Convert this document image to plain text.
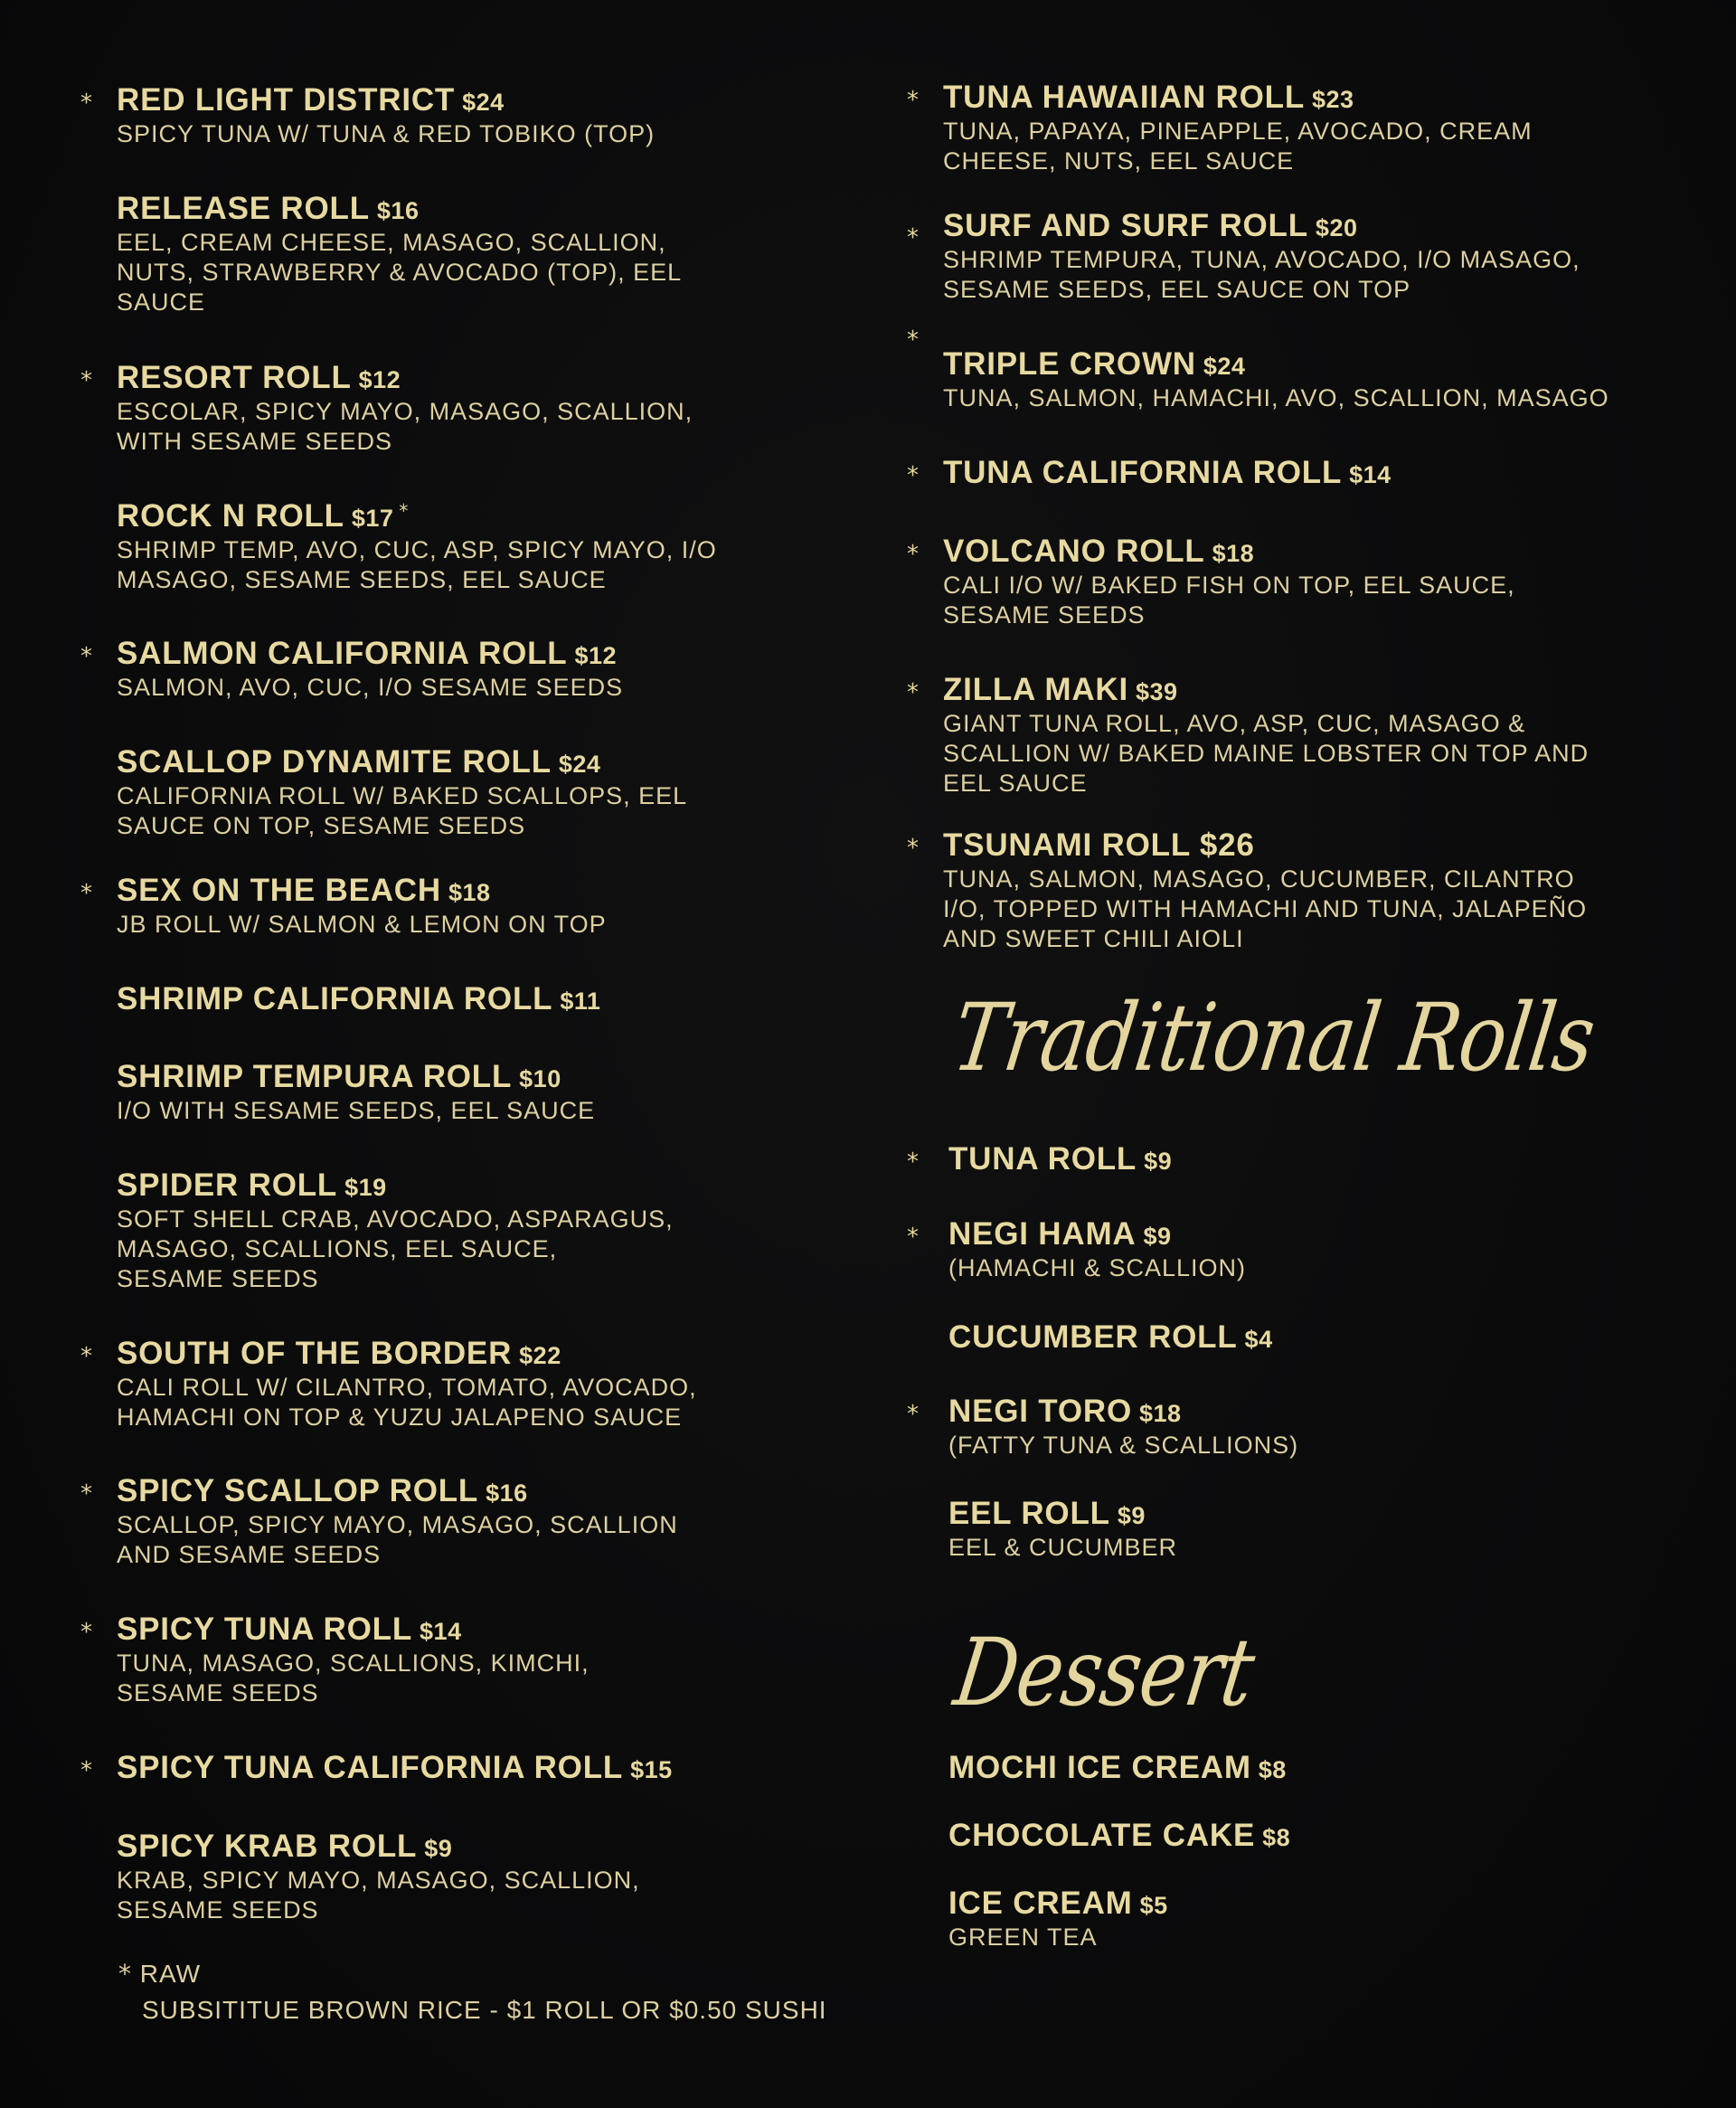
* RED LIGHT DISTRICT $24
SPICY TUNA W/ TUNA & RED TOBIKO (TOP)
RELEASE ROLL $16
EEL, CREAM CHEESE, MASAGO, SCALLION,
NUTS, STRAWBERRY & AVOCADO (TOP), EEL
SAUCE
* RESORT ROLL $12
ESCOLAR, SPICY MAYO, MASAGO, SCALLION,
WITH SESAME SEEDS
ROCK N ROLL $17 *
SHRIMP TEMP, AVO, CUC, ASP, SPICY MAYO, I/O
MASAGO, SESAME SEEDS, EEL SAUCE
* SALMON CALIFORNIA ROLL $12
SALMON, AVO, CUC, I/O SESAME SEEDS
SCALLOP DYNAMITE ROLL $24
CALIFORNIA ROLL W/ BAKED SCALLOPS, EEL
SAUCE ON TOP, SESAME SEEDS
* SEX ON THE BEACH $18
JB ROLL W/ SALMON & LEMON ON TOP
SHRIMP CALIFORNIA ROLL $11
SHRIMP TEMPURA ROLL $10
I/O WITH SESAME SEEDS, EEL SAUCE
SPIDER ROLL $19
SOFT SHELL CRAB, AVOCADO, ASPARAGUS,
MASAGO, SCALLIONS, EEL SAUCE,
SESAME SEEDS
* SOUTH OF THE BORDER $22
CALI ROLL W/ CILANTRO, TOMATO, AVOCADO,
HAMACHI ON TOP & YUZU JALAPENO SAUCE
* SPICY SCALLOP ROLL $16
SCALLOP, SPICY MAYO, MASAGO, SCALLION
AND SESAME SEEDS
* SPICY TUNA ROLL $14
TUNA, MASAGO, SCALLIONS, KIMCHI,
SESAME SEEDS
* SPICY TUNA CALIFORNIA ROLL $15
SPICY KRAB ROLL $9
KRAB, SPICY MAYO, MASAGO, SCALLION,
SESAME SEEDS
* RAW
SUBSITITUE BROWN RICE - $1 ROLL OR $0.50 SUSHI
* TUNA HAWAIIAN ROLL $23
TUNA, PAPAYA, PINEAPPLE, AVOCADO, CREAM
CHEESE, NUTS, EEL SAUCE
* SURF AND SURF ROLL $20
SHRIMP TEMPURA, TUNA, AVOCADO, I/O MASAGO,
SESAME SEEDS, EEL SAUCE ON TOP
*
TRIPLE CROWN $24
TUNA, SALMON, HAMACHI, AVO, SCALLION, MASAGO
* TUNA CALIFORNIA ROLL $14
* VOLCANO ROLL $18
CALI I/O W/ BAKED FISH ON TOP, EEL SAUCE,
SESAME SEEDS
* ZILLA MAKI $39
GIANT TUNA ROLL, AVO, ASP, CUC, MASAGO &
SCALLION W/ BAKED MAINE LOBSTER ON TOP AND
EEL SAUCE
* TSUNAMI ROLL $26
TUNA, SALMON, MASAGO, CUCUMBER, CILANTRO
I/O, TOPPED WITH HAMACHI AND TUNA, JALAPEÑO
AND SWEET CHILI AIOLI
Traditional Rolls
* TUNA ROLL $9
* NEGI HAMA $9
(HAMACHI & SCALLION)
CUCUMBER ROLL $4
* NEGI TORO $18
(FATTY TUNA & SCALLIONS)
EEL ROLL $9
EEL & CUCUMBER
Dessert
MOCHI ICE CREAM $8
CHOCOLATE CAKE $8
ICE CREAM $5
GREEN TEA
